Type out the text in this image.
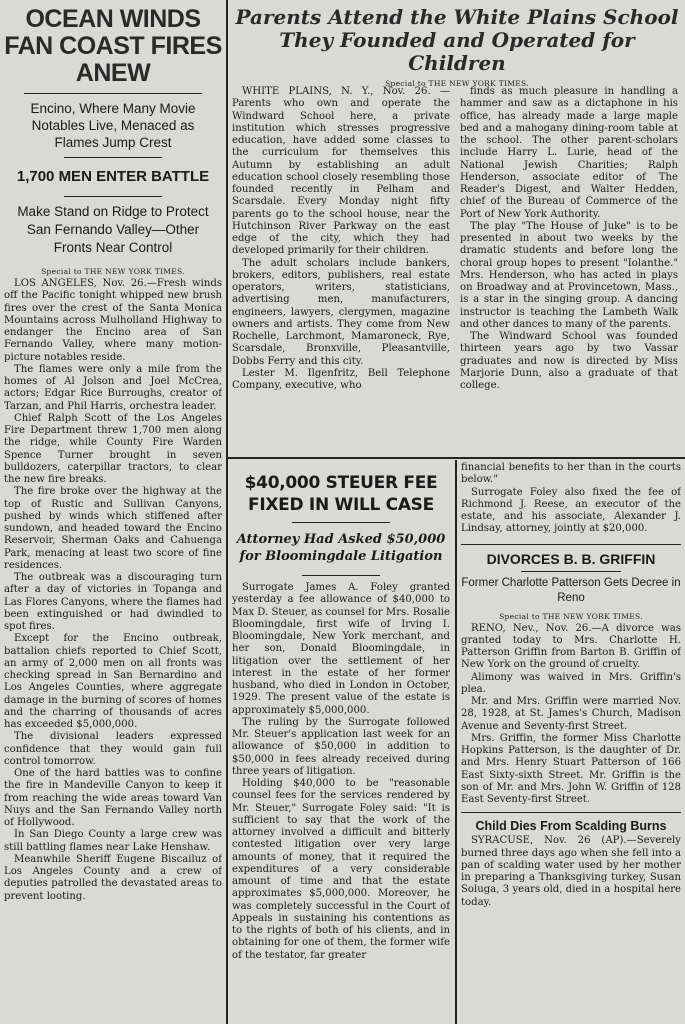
OCEAN WINDS FAN COAST FIRES ANEW

Encino, Where Many Movie Notables Live, Menaced as Flames Jump Crest

1,700 MEN ENTER BATTLE

Make Stand on Ridge to Protect San Fernando Valley—Other Fronts Near Control

Special to THE NEW YORK TIMES.

LOS ANGELES, Nov. 26.—Fresh winds off the Pacific tonight whipped new brush fires over the crest of the Santa Monica Mountains across Mulholland Highway to endanger the Encino area of San Fernando Valley, where many motion-picture notables reside.

The flames were only a mile from the homes of Al Jolson and Joel McCrea, actors; Edgar Rice Burroughs, creator of Tarzan, and Phil Harris, orchestra leader.

Chief Ralph Scott of the Los Angeles Fire Department threw 1,700 men along the ridge, while County Fire Warden Spence Turner brought in seven bulldozers, caterpillar tractors, to clear the new fire breaks.

The fire broke over the highway at the top of Rustic and Sullivan Canyons, pushed by winds which stiffened after sundown, and headed toward the Encino Reservoir, Sherman Oaks and Cahuenga Park, menacing at least two score of fine residences.

The outbreak was a discouraging turn after a day of victories in Topanga and Las Flores Canyons, where the flames had been extinguished or had dwindled to spot fires.

Except for the Encino outbreak, battalion chiefs reported to Chief Scott, an army of 2,000 men on all fronts was checking spread in San Bernardino and Los Angeles Counties, where aggregate damage in the burning of scores of homes and the charring of thousands of acres has exceeded $5,000,000.

The divisional leaders expressed confidence that they would gain full control tomorrow.

One of the hard battles was to confine the fire in Mandeville Canyon to keep it from reaching the wide areas toward Van Nuys and the San Fernando Valley north of Hollywood.

In San Diego County a large crew was still battling flames near Lake Henshaw.

Meanwhile Sheriff Eugene Biscailuz of Los Angeles County and a crew of deputies patrolled the devastated areas to prevent looting.

Parents Attend the White Plains School They Founded and Operated for Children
Special to THE NEW YORK TIMES.

WHITE PLAINS, N. Y., Nov. 26. —Parents who own and operate the Windward School here, a private institution which stresses progressive education, have added some classes to the curriculum for themselves this Autumn by establishing an adult education school closely resembling those founded recently in Pelham and Scarsdale. Every Monday night fifty parents go to the school house, near the Hutchinson River Parkway on the east edge of the city, which they had developed primarily for their children.

The adult scholars include bankers, brokers, editors, publishers, real estate operators, writers, statisticians, advertising men, manufacturers, engineers, lawyers, clergymen, magazine owners and artists. They come from New Rochelle, Larchmont, Mamaroneck, Rye, Scarsdale, Bronxville, Pleasantville, Dobbs Ferry and this city.

Lester M. Ilgenfritz, Bell Telephone Company, executive, who

finds as much pleasure in handling a hammer and saw as a dictaphone in his office, has already made a large maple bed and a mahogany dining-room table at the school. The other parent-scholars include Harry L. Lurie, head of the National Jewish Charities; Ralph Henderson, associate editor of The Reader's Digest, and Walter Hedden, chief of the Bureau of Commerce of the Port of New York Authority.

The play "The House of Juke" is to be presented in about two weeks by the dramatic students and before long the choral group hopes to present "Iolanthe." Mrs. Henderson, who has acted in plays on Broadway and at Provincetown, Mass., is a star in the singing group. A dancing instructor is teaching the Lambeth Walk and other dances to many of the parents.

The Windward School was founded thirteen years ago by two Vassar graduates and now is directed by Miss Marjorie Dunn, also a graduate of that college.

$40,000 STEUER FEE FIXED IN WILL CASE
Attorney Had Asked $50,000 for Bloomingdale Litigation

Surrogate James A. Foley granted yesterday a fee allowance of $40,000 to Max D. Steuer, as counsel for Mrs. Rosalie Bloomingdale, first wife of Irving I. Bloomingdale, New York merchant, and her son, Donald Bloomingdale, in litigation over the settlement of her interest in the estate of her former husband, who died in London in October, 1929. The present value of the estate is approximately $5,000,000.

The ruling by the Surrogate followed Mr. Steuer's application last week for an allowance of $50,000 in addition to $50,000 in fees already received during three years of litigation.

Holding $40,000 to be "reasonable counsel fees for the services rendered by Mr. Steuer," Surrogate Foley said: "It is sufficient to say that the work of the attorney involved a difficult and bitterly contested litigation over very large amounts of money, that it required the expenditures of a very considerable amount of time and that the estate approximates $5,000,000. Moreover, he was completely successful in the Court of Appeals in sustaining his contentions as to the rights of both of his clients, and in obtaining for one of them, the former wife of the testator, far greater

financial benefits to her than in the courts below."

Surrogate Foley also fixed the fee of Richmond J. Reese, an executor of the estate, and his associate, Alexander J. Lindsay, attorney, jointly at $20,000.

DIVORCES B. B. GRIFFIN
Former Charlotte Patterson Gets Decree in Reno
Special to THE NEW YORK TIMES.

RENO, Nev., Nov. 26.—A divorce was granted today to Mrs. Charlotte H. Patterson Griffin from Barton B. Griffin of New York on the ground of cruelty.

Alimony was waived in Mrs. Griffin's plea.

Mr. and Mrs. Griffin were married Nov. 28, 1928, at St. James's Church, Madison Avenue and Seventy-first Street.

Mrs. Griffin, the former Miss Charlotte Hopkins Patterson, is the daughter of Dr. and Mrs. Henry Stuart Patterson of 166 East Sixty-sixth Street. Mr. Griffin is the son of Mr. and Mrs. John W. Griffin of 128 East Seventy-first Street.

Child Dies From Scalding Burns

SYRACUSE, Nov. 26 (AP).—Severely burned three days ago when she fell into a pan of scalding water used by her mother in preparing a Thanksgiving turkey, Susan Soluga, 3 years old, died in a hospital here today.
